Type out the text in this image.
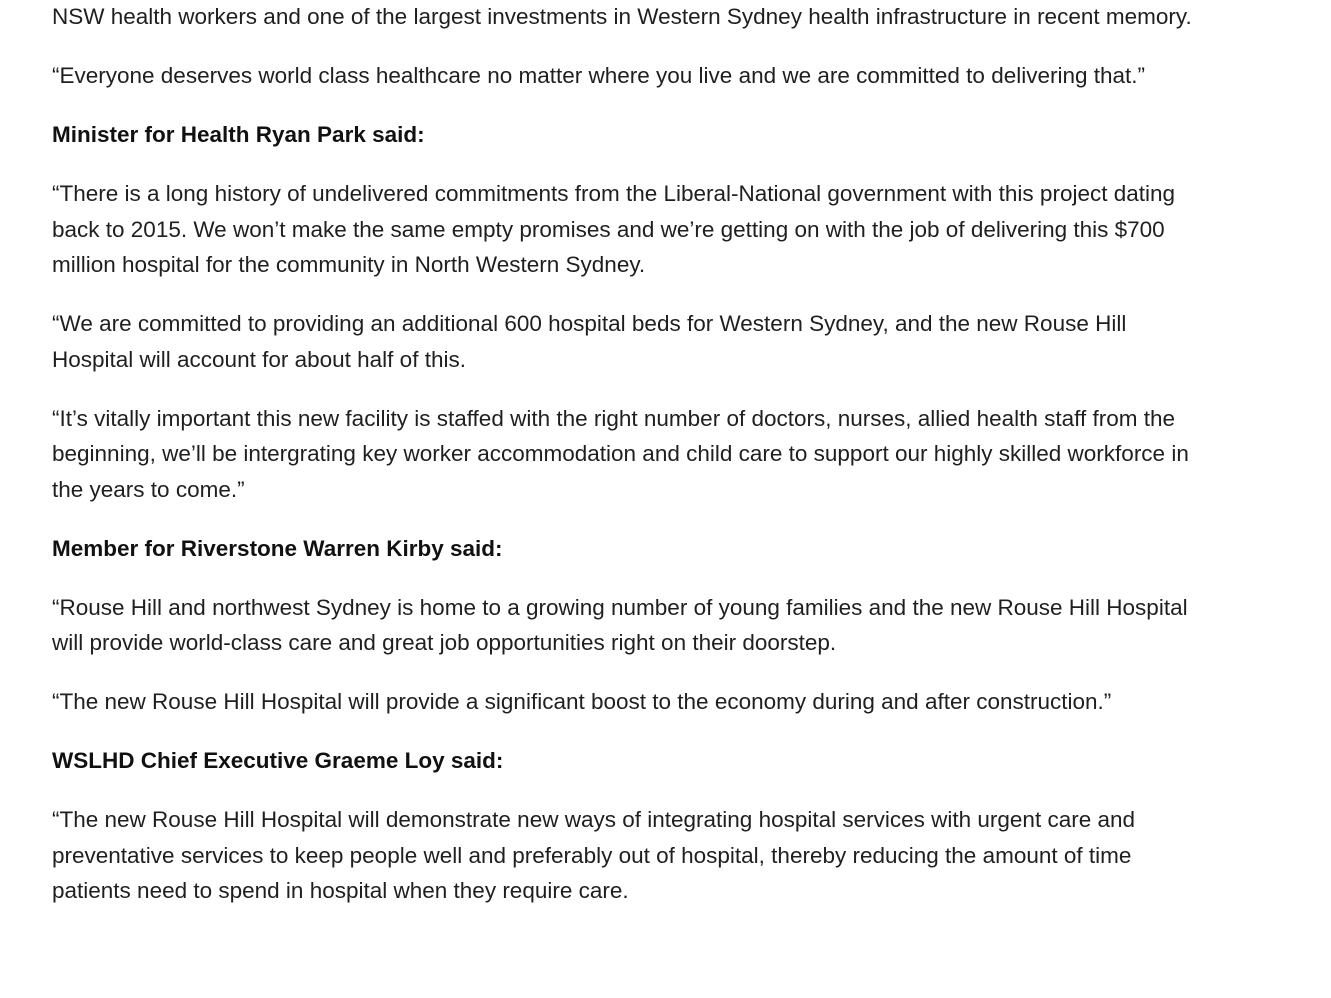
NSW health workers and one of the largest investments in Western Sydney health infrastructure in recent memory.

“Everyone deserves world class healthcare no matter where you live and we are committed to delivering that.”

Minister for Health Ryan Park said:

“There is a long history of undelivered commitments from the Liberal-National government with this project dating back to 2015. We won’t make the same empty promises and we’re getting on with the job of delivering this $700 million hospital for the community in North Western Sydney.

“We are committed to providing an additional 600 hospital beds for Western Sydney, and the new Rouse Hill Hospital will account for about half of this.

“It’s vitally important this new facility is staffed with the right number of doctors, nurses, allied health staff from the beginning, we’ll be intergrating key worker accommodation and child care to support our highly skilled workforce in the years to come.”

Member for Riverstone Warren Kirby said:

“Rouse Hill and northwest Sydney is home to a growing number of young families and the new Rouse Hill Hospital will provide world-class care and great job opportunities right on their doorstep.

“The new Rouse Hill Hospital will provide a significant boost to the economy during and after construction.”

WSLHD Chief Executive Graeme Loy said:

“The new Rouse Hill Hospital will demonstrate new ways of integrating hospital services with urgent care and preventative services to keep people well and preferably out of hospital, thereby reducing the amount of time patients need to spend in hospital when they require care.
